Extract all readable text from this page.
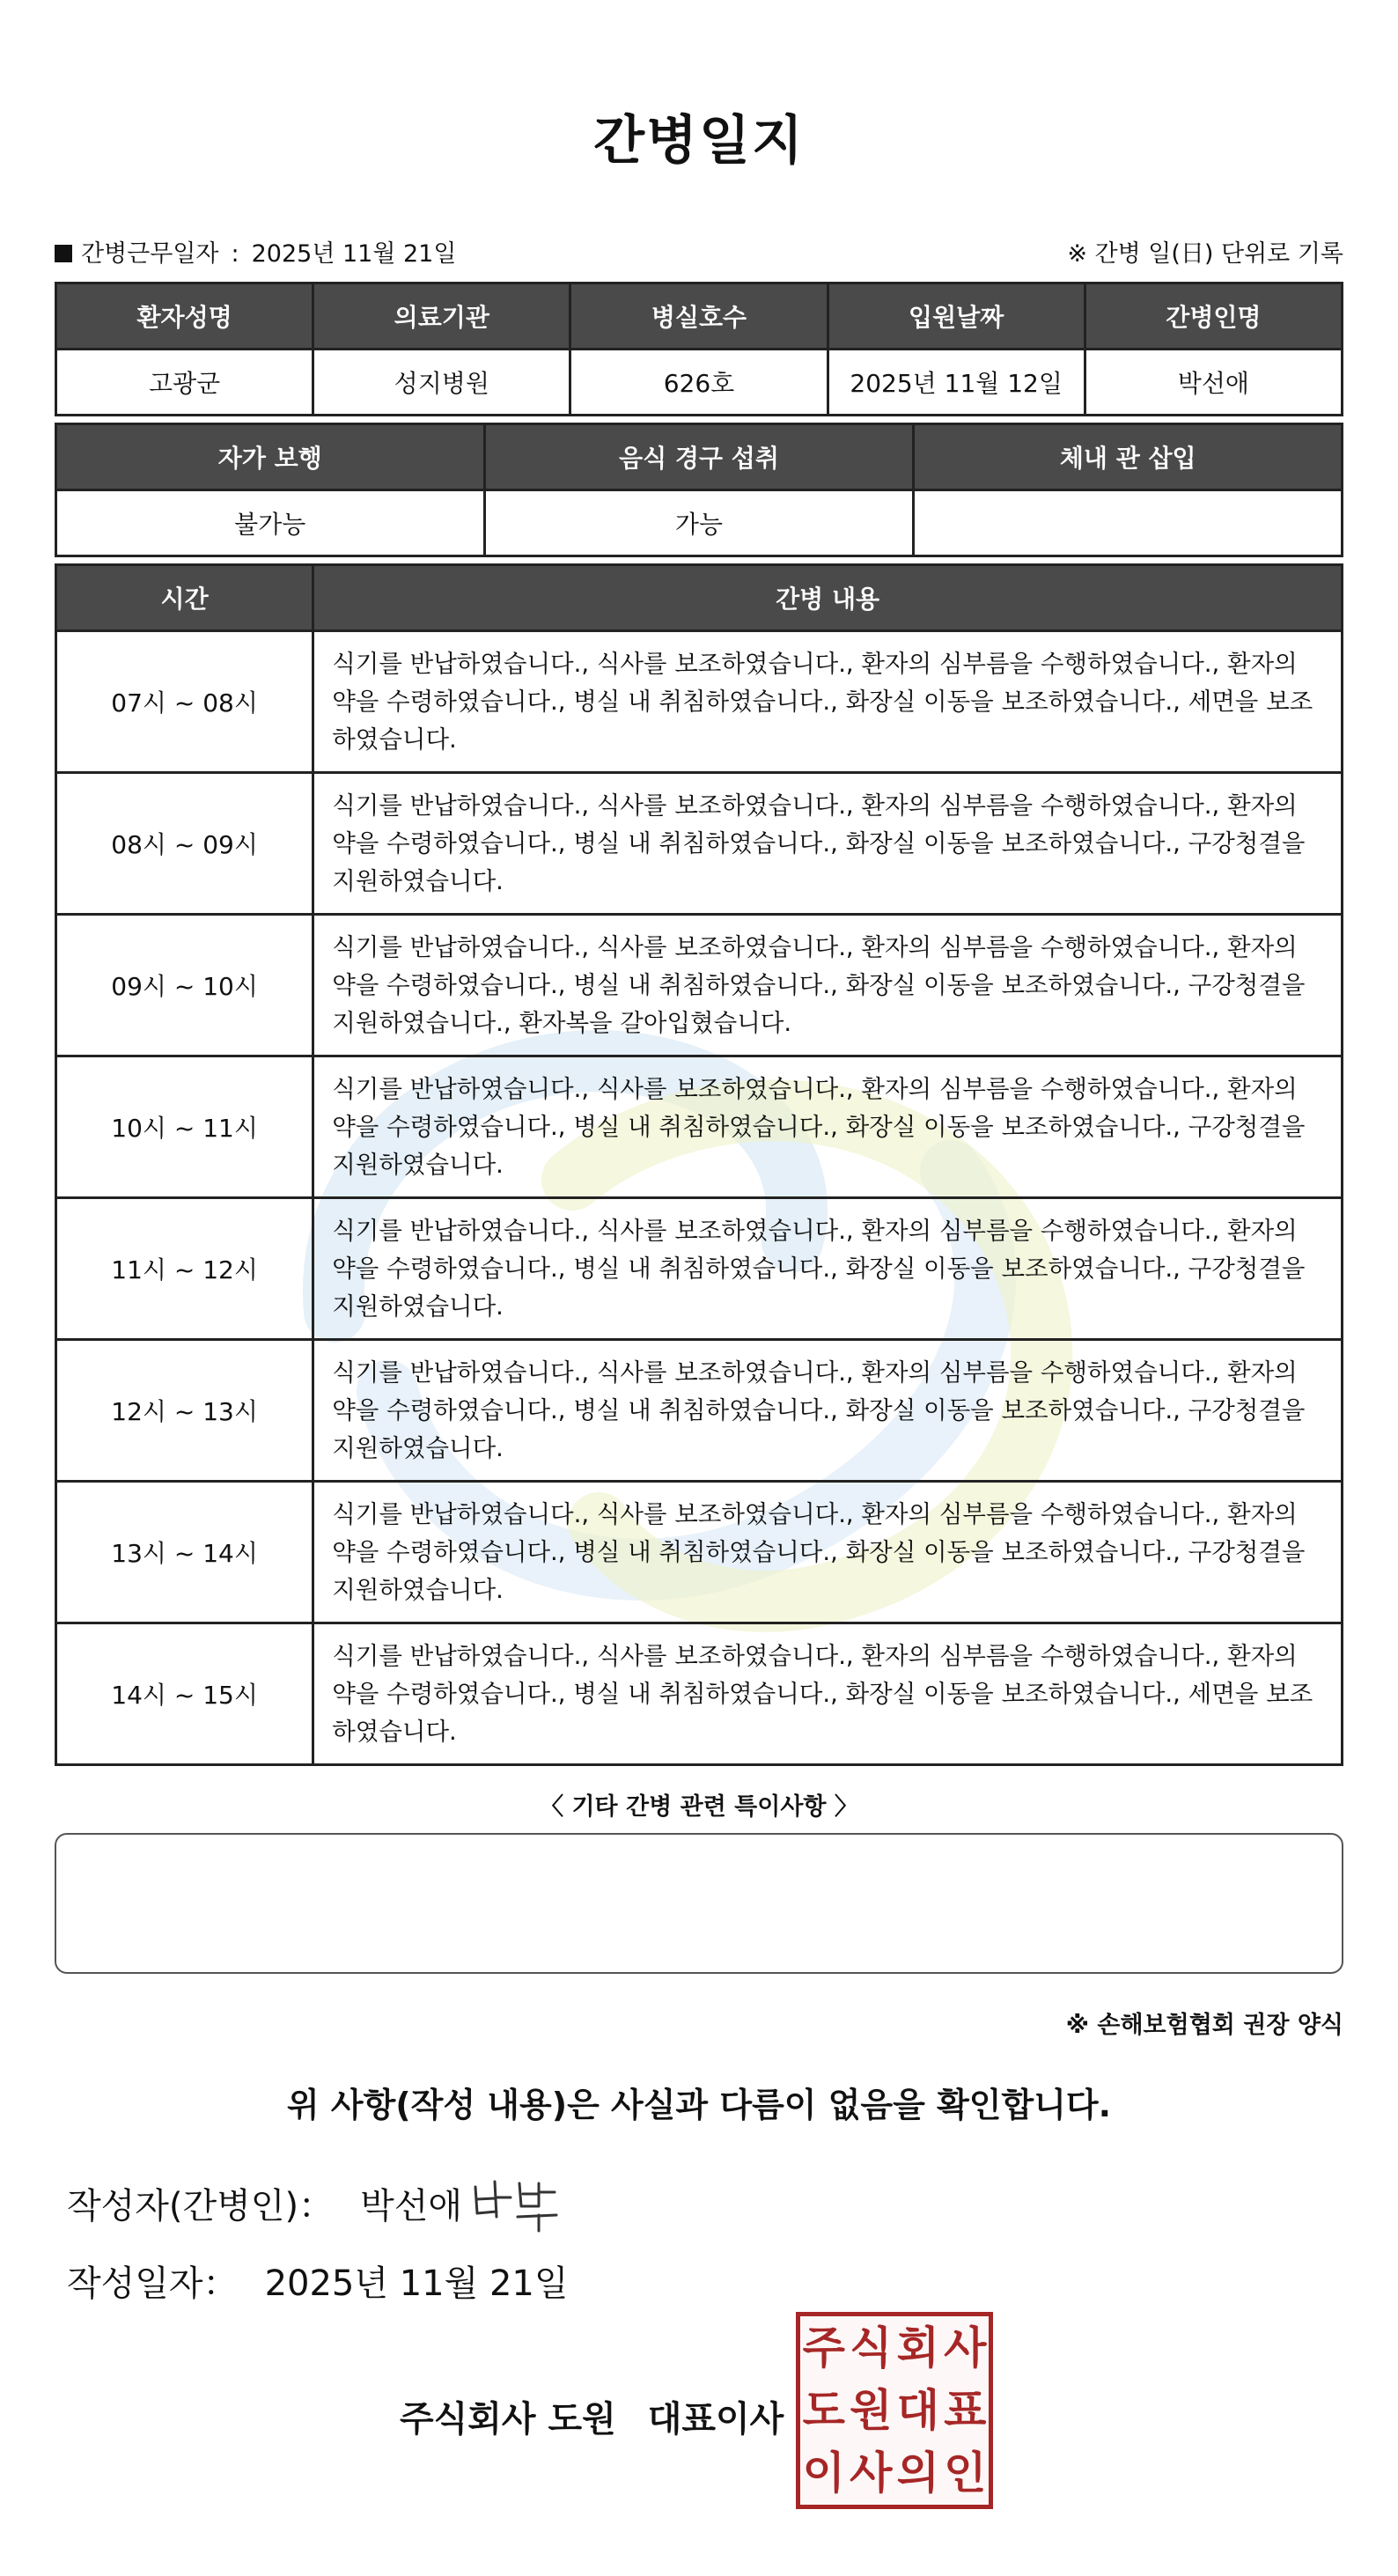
간병일지
간병근무일자 : 2025년 11월 21일	※ 간병 일(日) 단위로 기록
환자성명	의료기관	병실호수	입원날짜	간병인명
고광군	성지병원	626호	2025년 11월 12일	박선애
자가 보행	음식 경구 섭취	체내 관 삽입
불가능	가능	
시간	간병 내용
07시 ~ 08시	식기를 반납하였습니다., 식사를 보조하였습니다., 환자의 심부름을 수행하였습니다., 환자의 약을 수령하였습니다., 병실 내 취침하였습니다., 화장실 이동을 보조하였습니다., 세면을 보조하였습니다.
08시 ~ 09시	식기를 반납하였습니다., 식사를 보조하였습니다., 환자의 심부름을 수행하였습니다., 환자의 약을 수령하였습니다., 병실 내 취침하였습니다., 화장실 이동을 보조하였습니다., 구강청결을 지원하였습니다.
09시 ~ 10시	식기를 반납하였습니다., 식사를 보조하였습니다., 환자의 심부름을 수행하였습니다., 환자의 약을 수령하였습니다., 병실 내 취침하였습니다., 화장실 이동을 보조하였습니다., 구강청결을 지원하였습니다., 환자복을 갈아입혔습니다.
10시 ~ 11시	식기를 반납하였습니다., 식사를 보조하였습니다., 환자의 심부름을 수행하였습니다., 환자의 약을 수령하였습니다., 병실 내 취침하였습니다., 화장실 이동을 보조하였습니다., 구강청결을 지원하였습니다.
11시 ~ 12시	식기를 반납하였습니다., 식사를 보조하였습니다., 환자의 심부름을 수행하였습니다., 환자의 약을 수령하였습니다., 병실 내 취침하였습니다., 화장실 이동을 보조하였습니다., 구강청결을 지원하였습니다.
12시 ~ 13시	식기를 반납하였습니다., 식사를 보조하였습니다., 환자의 심부름을 수행하였습니다., 환자의 약을 수령하였습니다., 병실 내 취침하였습니다., 화장실 이동을 보조하였습니다., 구강청결을 지원하였습니다.
13시 ~ 14시	식기를 반납하였습니다., 식사를 보조하였습니다., 환자의 심부름을 수행하였습니다., 환자의 약을 수령하였습니다., 병실 내 취침하였습니다., 화장실 이동을 보조하였습니다., 구강청결을 지원하였습니다.
14시 ~ 15시	식기를 반납하였습니다., 식사를 보조하였습니다., 환자의 심부름을 수행하였습니다., 환자의 약을 수령하였습니다., 병실 내 취침하였습니다., 화장실 이동을 보조하였습니다., 세면을 보조하였습니다.
〈 기타 간병 관련 특이사항 〉
※ 손해보험협회 권장 양식
위 사항(작성 내용)은 사실과 다름이 없음을 확인합니다.
작성자(간병인)： 박선애
작성일자： 2025년 11월 21일
주식회사 도원 대표이사
주 식 회 사
도 원 대 표
이 사 의 인
